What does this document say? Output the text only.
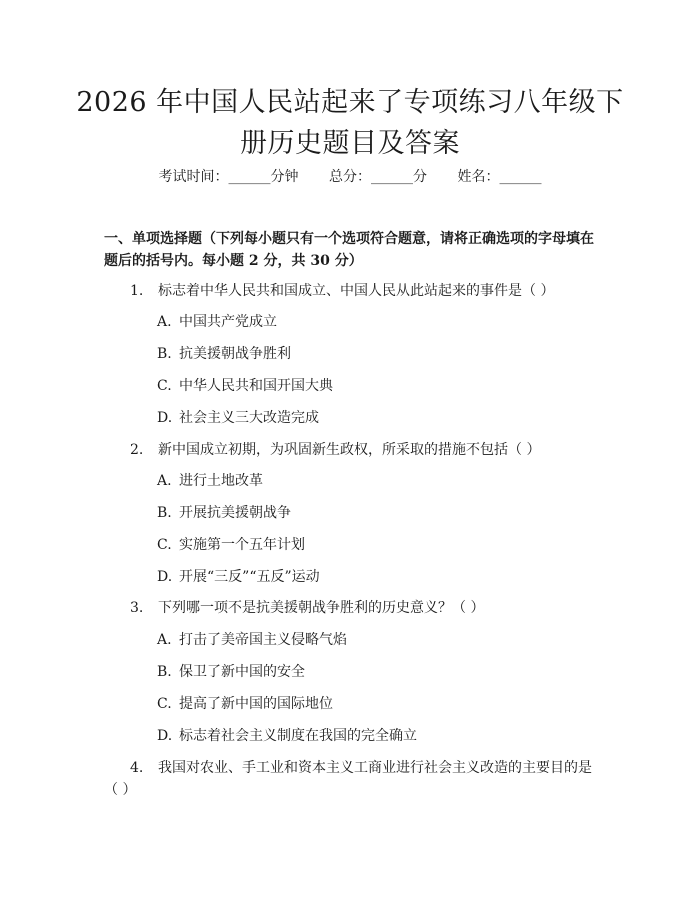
2026 年中国人民站起来了专项练习八年级下
册历史题目及答案
考试时间：______分钟 总分：______分 姓名：______

一、单项选择题（下列每小题只有一个选项符合题意，请将正确选项的字母填在题后的括号内。每小题 2 分，共 30 分）

1. 标志着中华人民共和国成立、中国人民从此站起来的事件是（ ）
A. 中国共产党成立
B. 抗美援朝战争胜利
C. 中华人民共和国开国大典
D. 社会主义三大改造完成
2. 新中国成立初期，为巩固新生政权，所采取的措施不包括（ ）
A. 进行土地改革
B. 开展抗美援朝战争
C. 实施第一个五年计划
D. 开展“三反”“五反”运动
3. 下列哪一项不是抗美援朝战争胜利的历史意义？（ ）
A. 打击了美帝国主义侵略气焰
B. 保卫了新中国的安全
C. 提高了新中国的国际地位
D. 标志着社会主义制度在我国的完全确立
4. 我国对农业、手工业和资本主义工商业进行社会主义改造的主要目的是
（ ）
